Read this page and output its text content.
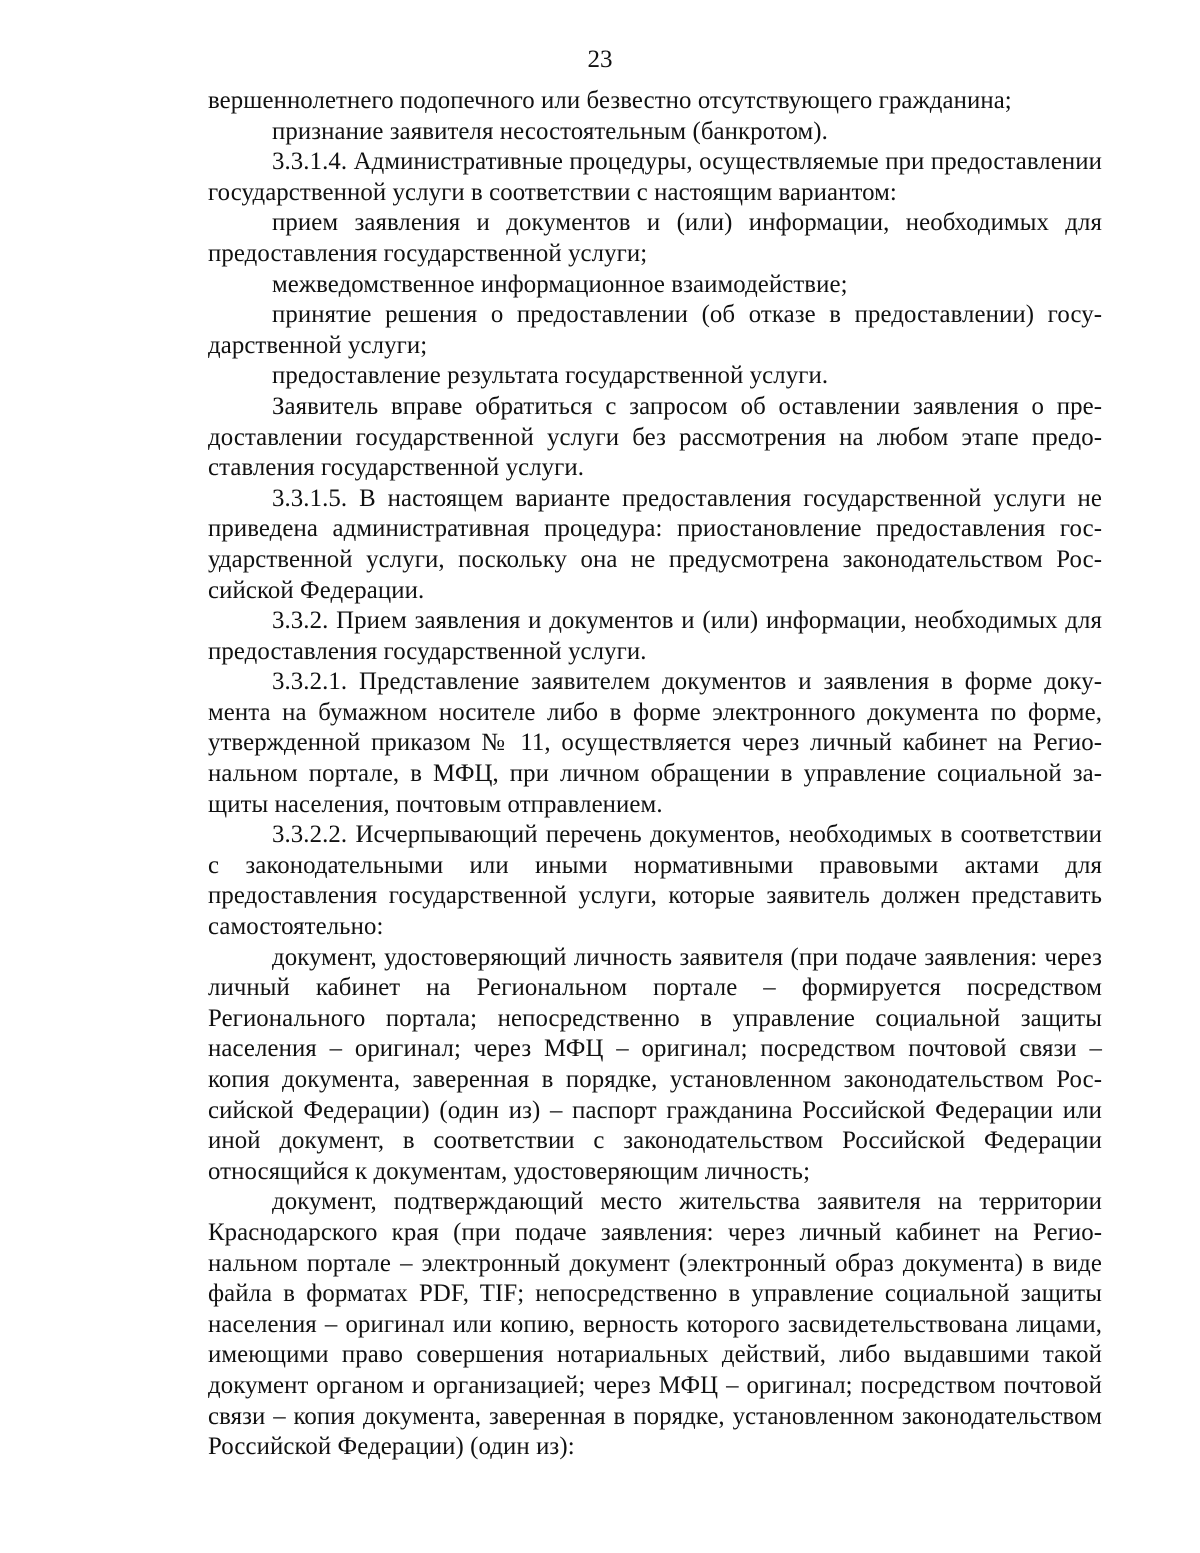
23

вершеннолетнего подопечного или безвестно отсутствующего гражданина;

признание заявителя несостоятельным (банкротом).

3.3.1.4. Административные процедуры, осуществляемые при предоставлении государственной услуги в соответствии с настоящим вариантом:

прием заявления и документов и (или) информации, необходимых для предоставления государственной услуги;

межведомственное информационное взаимодействие;

принятие решения о предоставлении (об отказе в предоставлении) государственной услуги;

предоставление результата государственной услуги.

Заявитель вправе обратиться с запросом об оставлении заявления о предоставлении государственной услуги без рассмотрения на любом этапе предоставления государственной услуги.

3.3.1.5. В настоящем варианте предоставления государственной услуги не приведена административная процедура: приостановление предоставления государственной услуги, поскольку она не предусмотрена законодательством Российской Федерации.

3.3.2. Прием заявления и документов и (или) информации, необходимых для предоставления государственной услуги.

3.3.2.1. Представление заявителем документов и заявления в форме документа на бумажном носителе либо в форме электронного документа по форме, утвержденной приказом № 11, осуществляется через личный кабинет на Региональном портале, в МФЦ, при личном обращении в управление социальной защиты населения, почтовым отправлением.

3.3.2.2. Исчерпывающий перечень документов, необходимых в соответствии с законодательными или иными нормативными правовыми актами для предоставления государственной услуги, которые заявитель должен представить самостоятельно:

документ, удостоверяющий личность заявителя (при подаче заявления: через личный кабинет на Региональном портале – формируется посредством Регионального портала; непосредственно в управление социальной защиты населения – оригинал; через МФЦ – оригинал; посредством почтовой связи – копия документа, заверенная в порядке, установленном законодательством Российской Федерации) (один из) – паспорт гражданина Российской Федерации или иной документ, в соответствии с законодательством Российской Федерации относящийся к документам, удостоверяющим личность;

документ, подтверждающий место жительства заявителя на территории Краснодарского края (при подаче заявления: через личный кабинет на Региональном портале – электронный документ (электронный образ документа) в виде файла в форматах PDF, TIF; непосредственно в управление социальной защиты населения – оригинал или копию, верность которого засвидетельствована лицами, имеющими право совершения нотариальных действий, либо выдавшими такой документ органом и организацией; через МФЦ – оригинал; посредством почтовой связи – копия документа, заверенная в порядке, установленном законодательством Российской Федерации) (один из):
